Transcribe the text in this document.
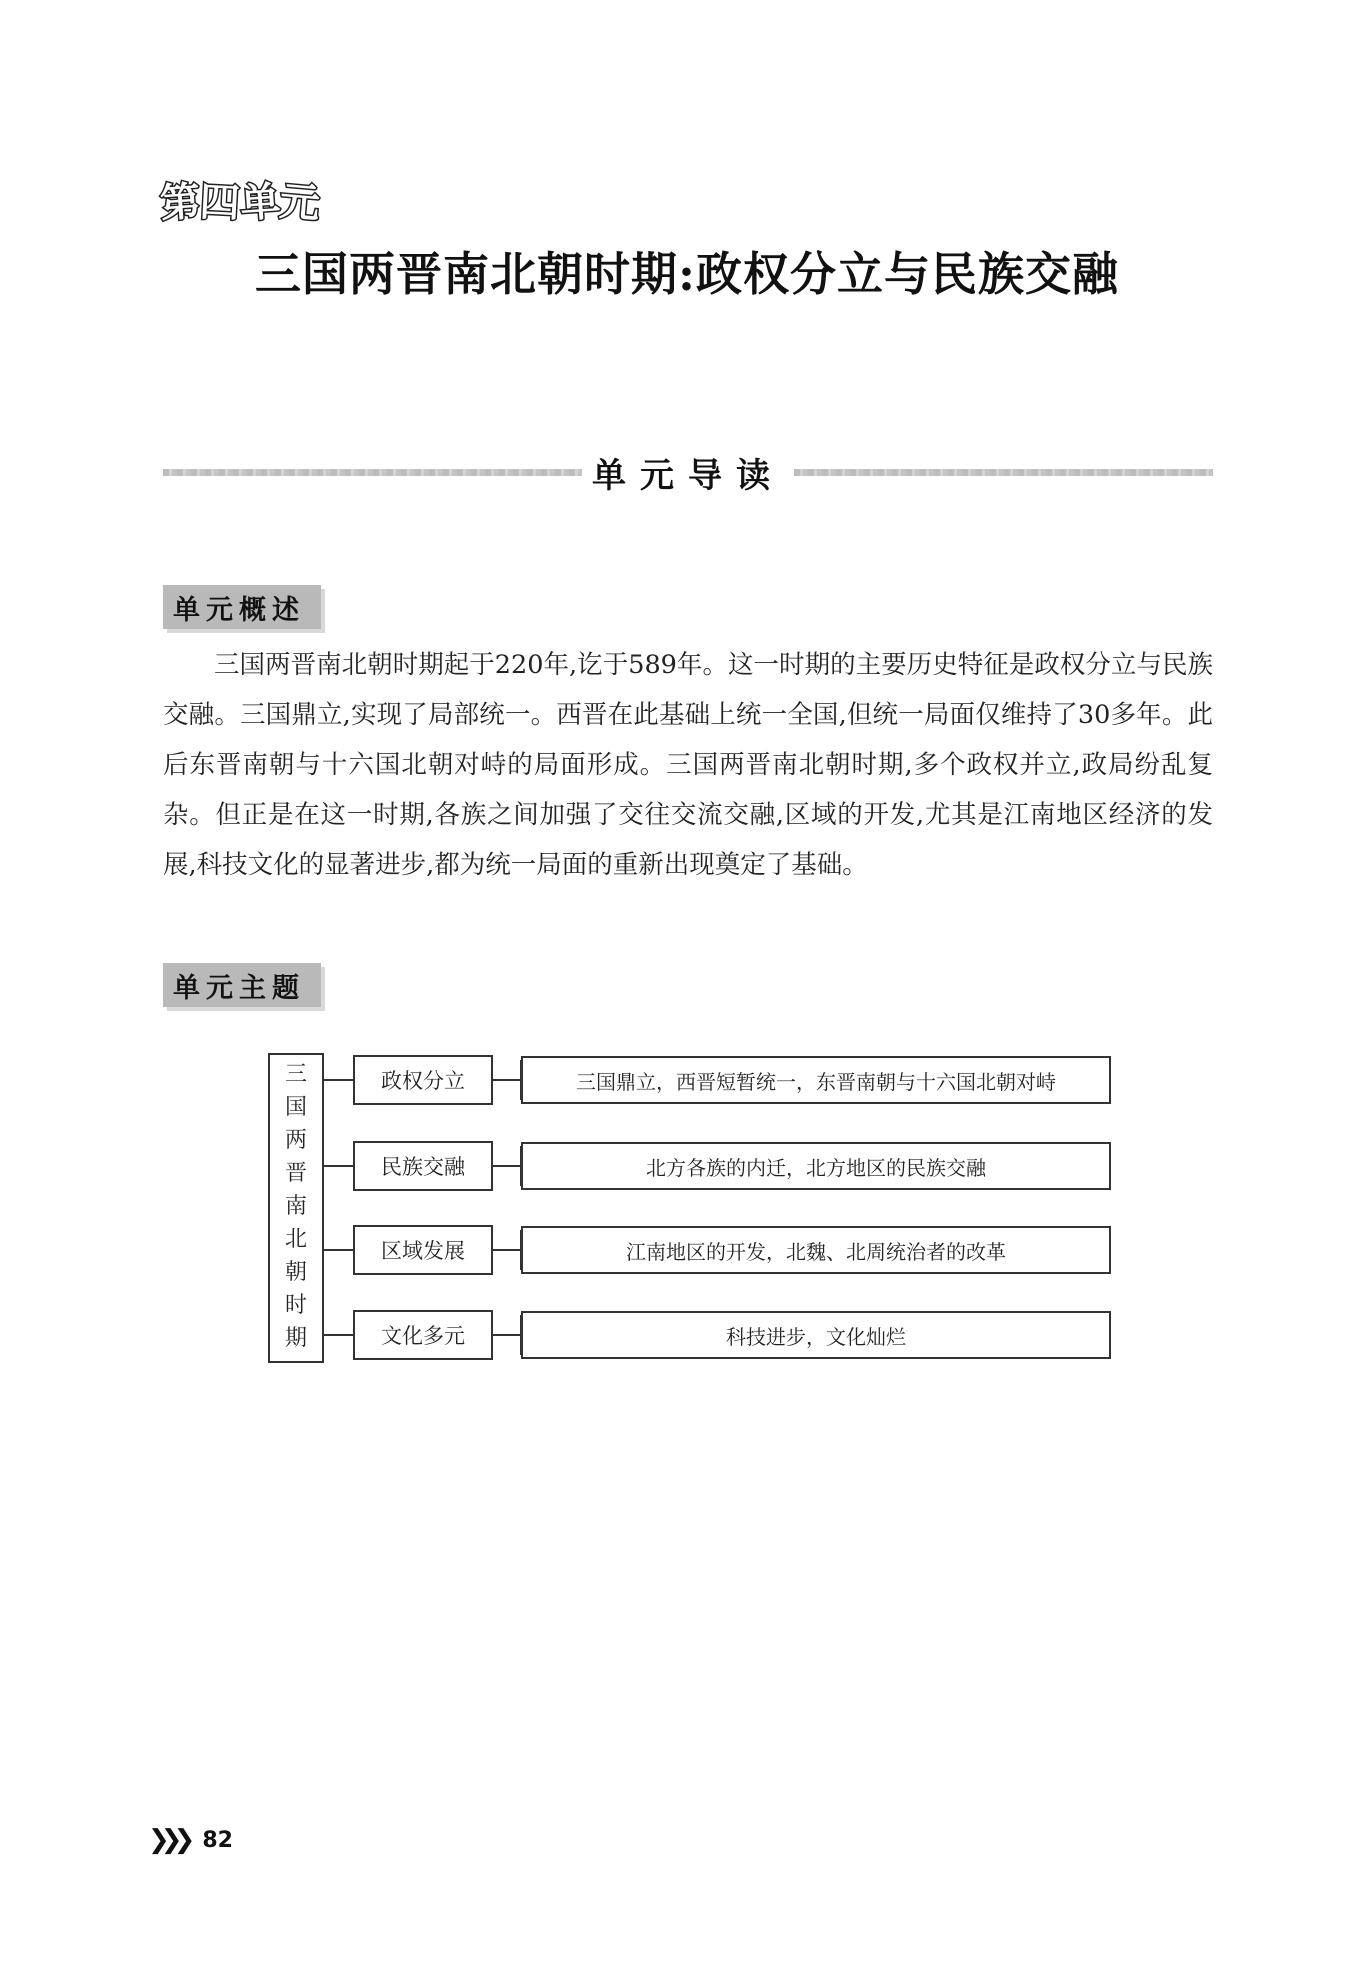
第
四 单
元
三国两晋南北朝时期:政权分立与民族交融
单元导读
单元概述

三国两晋南北朝时期起于220年,讫于589年。这一时期的主要历史特征是政权分立与民族交融。三国鼎立,实现了局部统一。西晋在此基础上统一全国,但统一局面仅维持了30多年。此后东晋南朝与十六国北朝对峙的局面形成。三国两晋南北朝时期,多个政权并立,政局纷乱复杂。但正是在这一时期,各族之间加强了交往交流交融,区域的开发,尤其是江南地区经济的发展,科技文化的显著进步,都为统一局面的重新出现奠定了基础。

单元主题
三
国
两
晋
南
北
朝
时
期
政权分立	三国鼎立，西晋短暂统一，东晋南朝与十六国北朝对峙
民族交融	北方各族的内迁，北方地区的民族交融
区域发展	江南地区的开发，北魏、北周统治者的改革
文化多元	科技进步，文化灿烂
❯❯❯ 82
